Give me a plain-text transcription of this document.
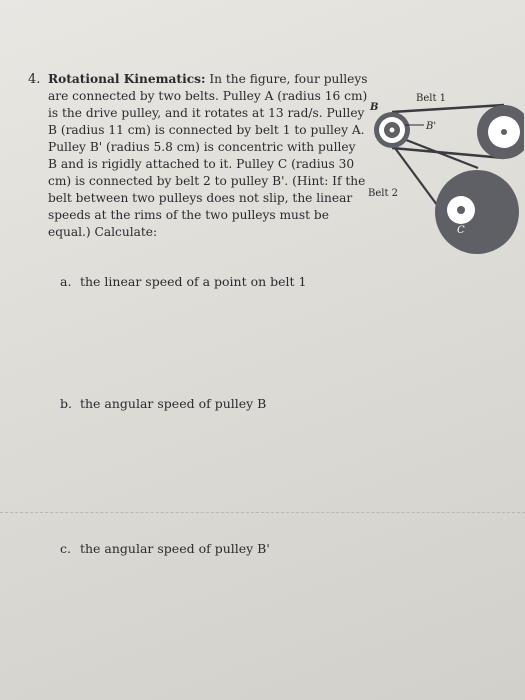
4. Rotational Kinematics: In the figure, four pulleys
are connected by two belts. Pulley A (radius 16 cm)
is the drive pulley, and it rotates at 13 rad/s. Pulley
B (radius 11 cm) is connected by belt 1 to pulley A.
Pulley B' (radius 5.8 cm) is concentric with pulley
B and is rigidly attached to it. Pulley C (radius 30
cm) is connected by belt 2 to pulley B'. (Hint: If the
belt between two pulleys does not slip, the linear
speeds at the rims of the two pulleys must be
equal.) Calculate:
B
Belt 1
B'
Belt 2
C
a. the linear speed of a point on belt 1
b. the angular speed of pulley B
c. the angular speed of pulley B'
